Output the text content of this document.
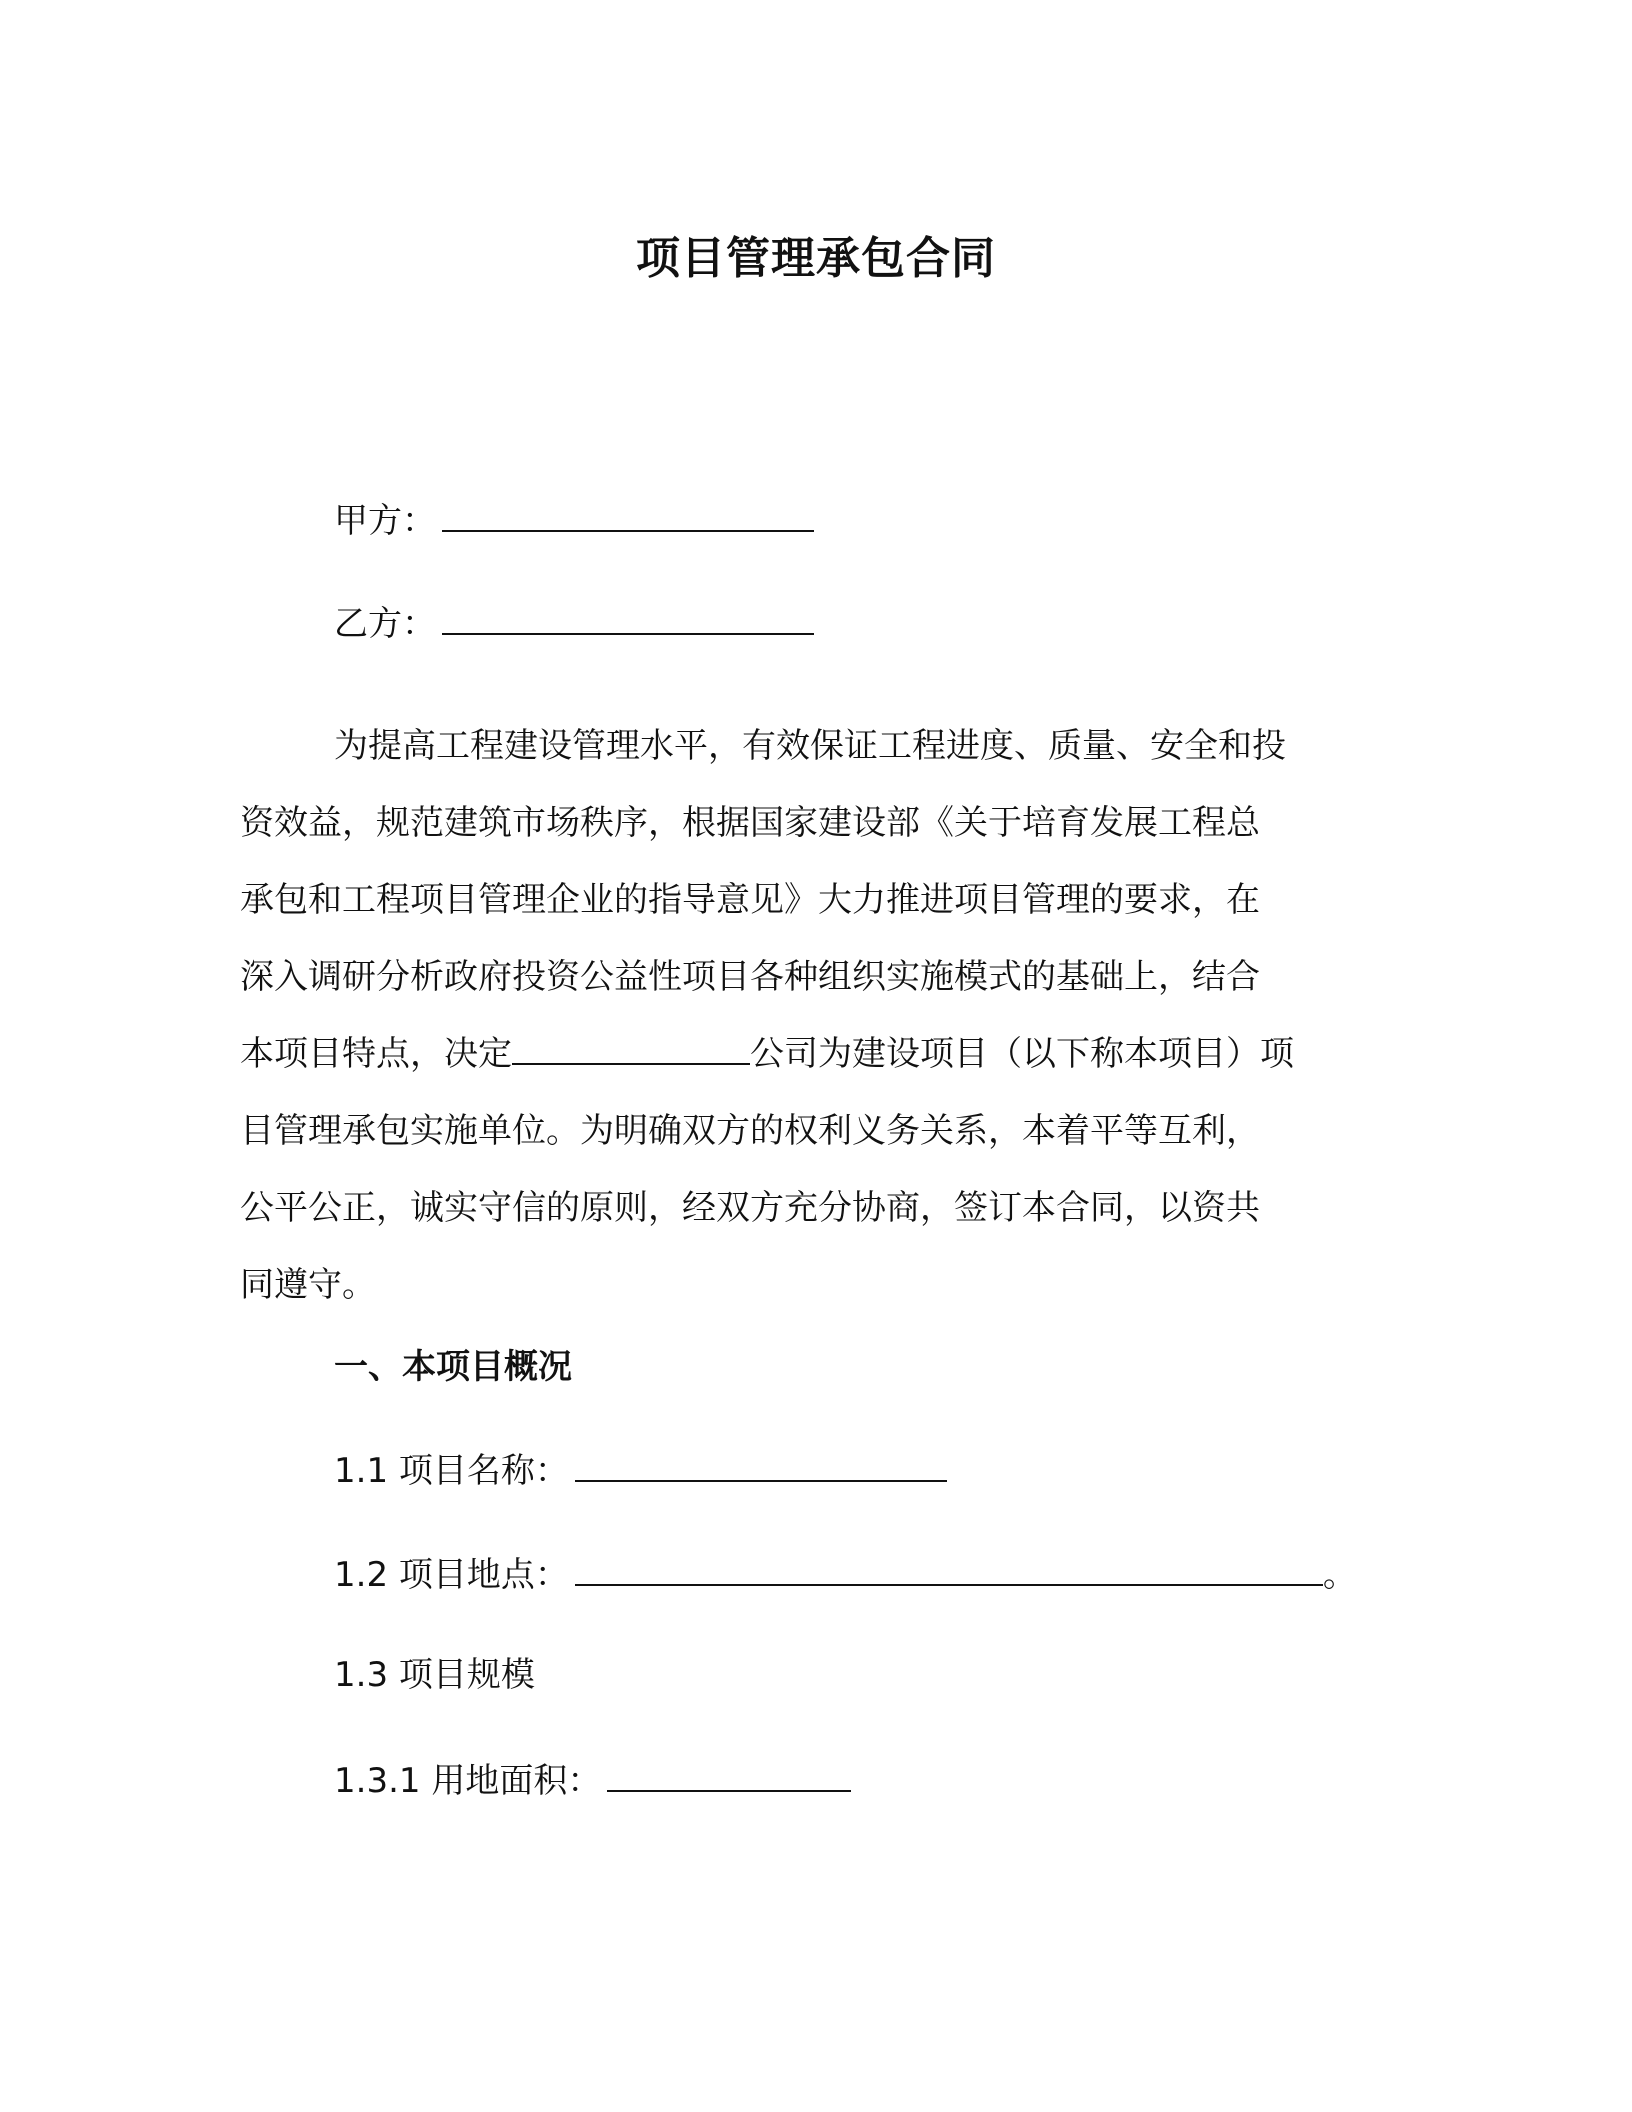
项目管理承包合同
甲方：
乙方：
为提高工程建设管理水平，有效保证工程进度、质量、安全和投
资效益，规范建筑市场秩序，根据国家建设部《关于培育发展工程总
承包和工程项目管理企业的指导意见》大力推进项目管理的要求，在
深入调研分析政府投资公益性项目各种组织实施模式的基础上，结合
本项目特点，决定	公司为建设项目（以下称本项目）项
目管理承包实施单位。为明确双方的权利义务关系，本着平等互利，
公平公正，诚实守信的原则，经双方充分协商，签订本合同，以资共
同遵守。
一、本项目概况
1.1 项目名称：
1.2 项目地点：	。
1.3 项目规模
1.3.1 用地面积：
